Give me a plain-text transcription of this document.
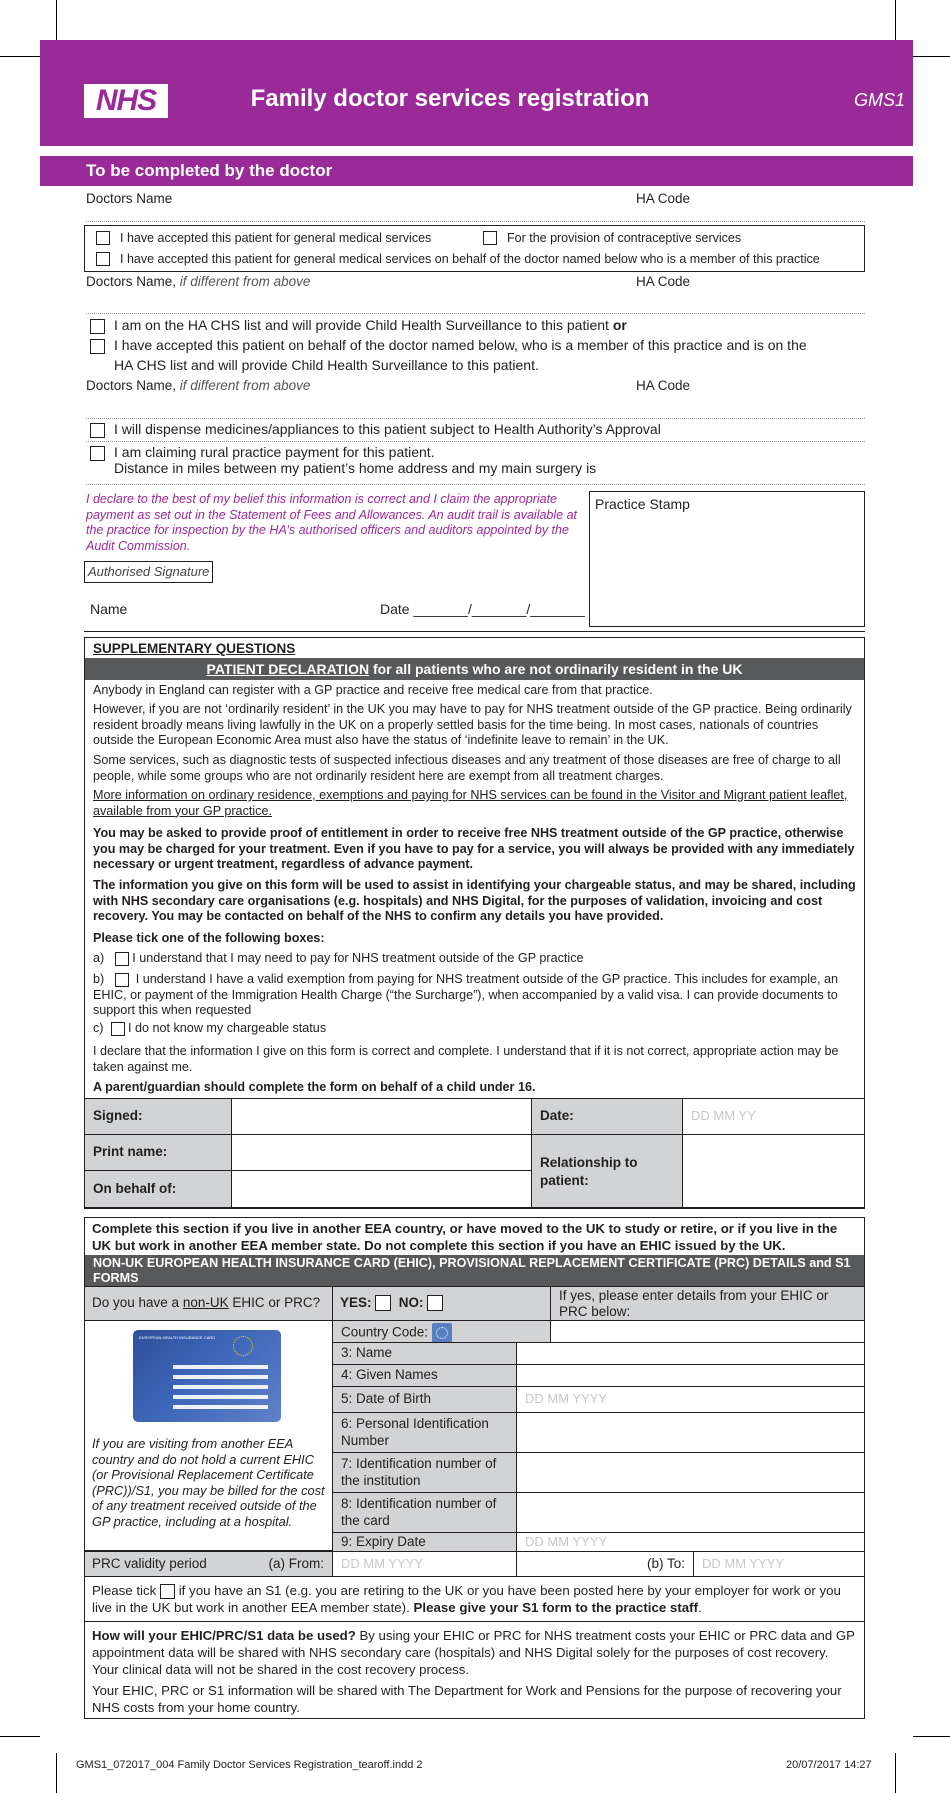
NHS	Family doctor services registration	GMS1
To be completed by the doctor
Doctors Name	HA Code
I have accepted this patient for general medical services	For the provision of contraceptive services
I have accepted this patient for general medical services on behalf of the doctor named below who is a member of this practice
Doctors Name, if different from above	HA Code
I am on the HA CHS list and will provide Child Health Surveillance to this patient or
I have accepted this patient on behalf of the doctor named below, who is a member of this practice and is on the
HA CHS list and will provide Child Health Surveillance to this patient.
Doctors Name, if different from above	HA Code
I will dispense medicines/appliances to this patient subject to Health Authority’s Approval
I am claiming rural practice payment for this patient.
Distance in miles between my patient’s home address and my main surgery is
I declare to the best of my belief this information is correct and I claim the appropriate payment as set out in the Statement of Fees and Allowances. An audit trail is available at the practice for inspection by the HA’s authorised officers and auditors appointed by the Audit Commission.
Practice Stamp
Authorised Signature
Name	Date _______/_______/_______
SUPPLEMENTARY QUESTIONS
PATIENT DECLARATION for all patients who are not ordinarily resident in the UK
Anybody in England can register with a GP practice and receive free medical care from that practice.
However, if you are not ‘ordinarily resident’ in the UK you may have to pay for NHS treatment outside of the GP practice. Being ordinarily resident broadly means living lawfully in the UK on a properly settled basis for the time being. In most cases, nationals of countries outside the European Economic Area must also have the status of ‘indefinite leave to remain’ in the UK.
Some services, such as diagnostic tests of suspected infectious diseases and any treatment of those diseases are free of charge to all people, while some groups who are not ordinarily resident here are exempt from all treatment charges.
More information on ordinary residence, exemptions and paying for NHS services can be found in the Visitor and Migrant patient leaflet, available from your GP practice.
You may be asked to provide proof of entitlement in order to receive free NHS treatment outside of the GP practice, otherwise you may be charged for your treatment. Even if you have to pay for a service, you will always be provided with any immediately necessary or urgent treatment, regardless of advance payment.
The information you give on this form will be used to assist in identifying your chargeable status, and may be shared, including with NHS secondary care organisations (e.g. hospitals) and NHS Digital, for the purposes of validation, invoicing and cost recovery. You may be contacted on behalf of the NHS to confirm any details you have provided.
Please tick one of the following boxes:
a) I understand that I may need to pay for NHS treatment outside of the GP practice
b)	I understand I have a valid exemption from paying for NHS treatment outside of the GP practice. This includes for example, an EHIC, or payment of the Immigration Health Charge (“the Surcharge”), when accompanied by a valid visa. I can provide documents to support this when requested
c) I do not know my chargeable status
I declare that the information I give on this form is correct and complete. I understand that if it is not correct, appropriate action may be taken against me.
A parent/guardian should complete the form on behalf of a child under 16.
Signed:	Date:	DD MM YY
Print name:
Relationship to patient:
On behalf of:
Complete this section if you live in another EEA country, or have moved to the UK to study or retire, or if you live in the UK but work in another EEA member state. Do not complete this section if you have an EHIC issued by the UK.
NON-UK EUROPEAN HEALTH INSURANCE CARD (EHIC), PROVISIONAL REPLACEMENT CERTIFICATE (PRC) DETAILS and S1 FORMS
Do you have a non-UK EHIC or PRC?	YES: NO:	If yes, please enter details from your EHIC or PRC below:
EUROPEAN HEALTH INSURANCE CARD
If you are visiting from another EEA country and do not hold a current EHIC (or Provisional Replacement Certificate (PRC))/S1, you may be billed for the cost of any treatment received outside of the GP practice, including at a hospital.
Country Code:
3: Name
4: Given Names
5: Date of Birth	DD MM YYYY
6: Personal Identification Number
7: Identification number of the institution
8: Identification number of the card
9: Expiry Date	DD MM YYYY
PRC validity period	(a) From:	DD MM YYYY	(b) To:	DD MM YYYY
Please tick if you have an S1 (e.g. you are retiring to the UK or you have been posted here by your employer for work or you live in the UK but work in another EEA member state). Please give your S1 form to the practice staff.
How will your EHIC/PRC/S1 data be used? By using your EHIC or PRC for NHS treatment costs your EHIC or PRC data and GP appointment data will be shared with NHS secondary care (hospitals) and NHS Digital solely for the purposes of cost recovery. Your clinical data will not be shared in the cost recovery process.
Your EHIC, PRC or S1 information will be shared with The Department for Work and Pensions for the purpose of recovering your NHS costs from your home country.
GMS1_072017_004 Family Doctor Services Registration_tearoff.indd 2	20/07/2017 14:27
